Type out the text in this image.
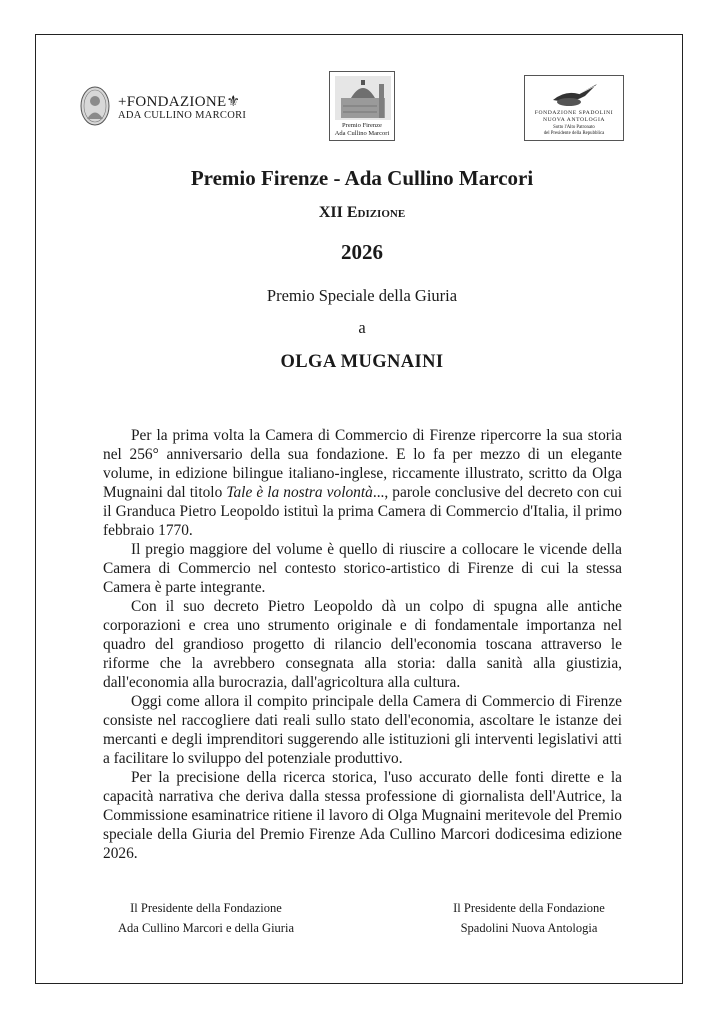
+FONDAZIONE⚜
ADA CULLINO MARCORI
Premio Firenze
Ada Cullino Marcori
FONDAZIONE SPADOLINI
NUOVA ANTOLOGIA
Sotto l'Alto Patronato
del Presidente della Repubblica
Premio Firenze - Ada Cullino Marcori
XII Edizione
2026
Premio Speciale della Giuria
a
OLGA MUGNAINI

Per la prima volta la Camera di Commercio di Firenze ripercorre la sua storia nel 256° anniversario della sua fondazione. E lo fa per mezzo di un elegante volume, in edizione bilingue italiano-inglese, riccamente illustrato, scritto da Olga Mugnaini dal titolo Tale è la nostra volontà..., parole conclusive del decreto con cui il Granduca Pietro Leopoldo istituì la prima Camera di Commercio d'Italia, il primo febbraio 1770.

Il pregio maggiore del volume è quello di riuscire a collocare le vicende della Camera di Commercio nel contesto storico-artistico di Firenze di cui la stessa Camera è parte integrante.

Con il suo decreto Pietro Leopoldo dà un colpo di spugna alle antiche corporazioni e crea uno strumento originale e di fondamentale importanza nel quadro del grandioso progetto di rilancio dell'economia toscana attraverso le riforme che la avrebbero consegnata alla storia: dalla sanità alla giustizia, dall'economia alla burocrazia, dall'agricoltura alla cultura.

Oggi come allora il compito principale della Camera di Commercio di Firenze consiste nel raccogliere dati reali sullo stato dell'economia, ascoltare le istanze dei mercanti e degli imprenditori suggerendo alle istituzioni gli interventi legislativi atti a facilitare lo sviluppo del potenziale produttivo.

Per la precisione della ricerca storica, l'uso accurato delle fonti dirette e la capacità narrativa che deriva dalla stessa professione di giornalista dell'Autrice, la Commissione esaminatrice ritiene il lavoro di Olga Mugnaini meritevole del Premio speciale della Giuria del Premio Firenze Ada Cullino Marcori dodicesima edizione 2026.

Il Presidente della Fondazione
Ada Cullino Marcori e della Giuria
Il Presidente della Fondazione
Spadolini Nuova Antologia
